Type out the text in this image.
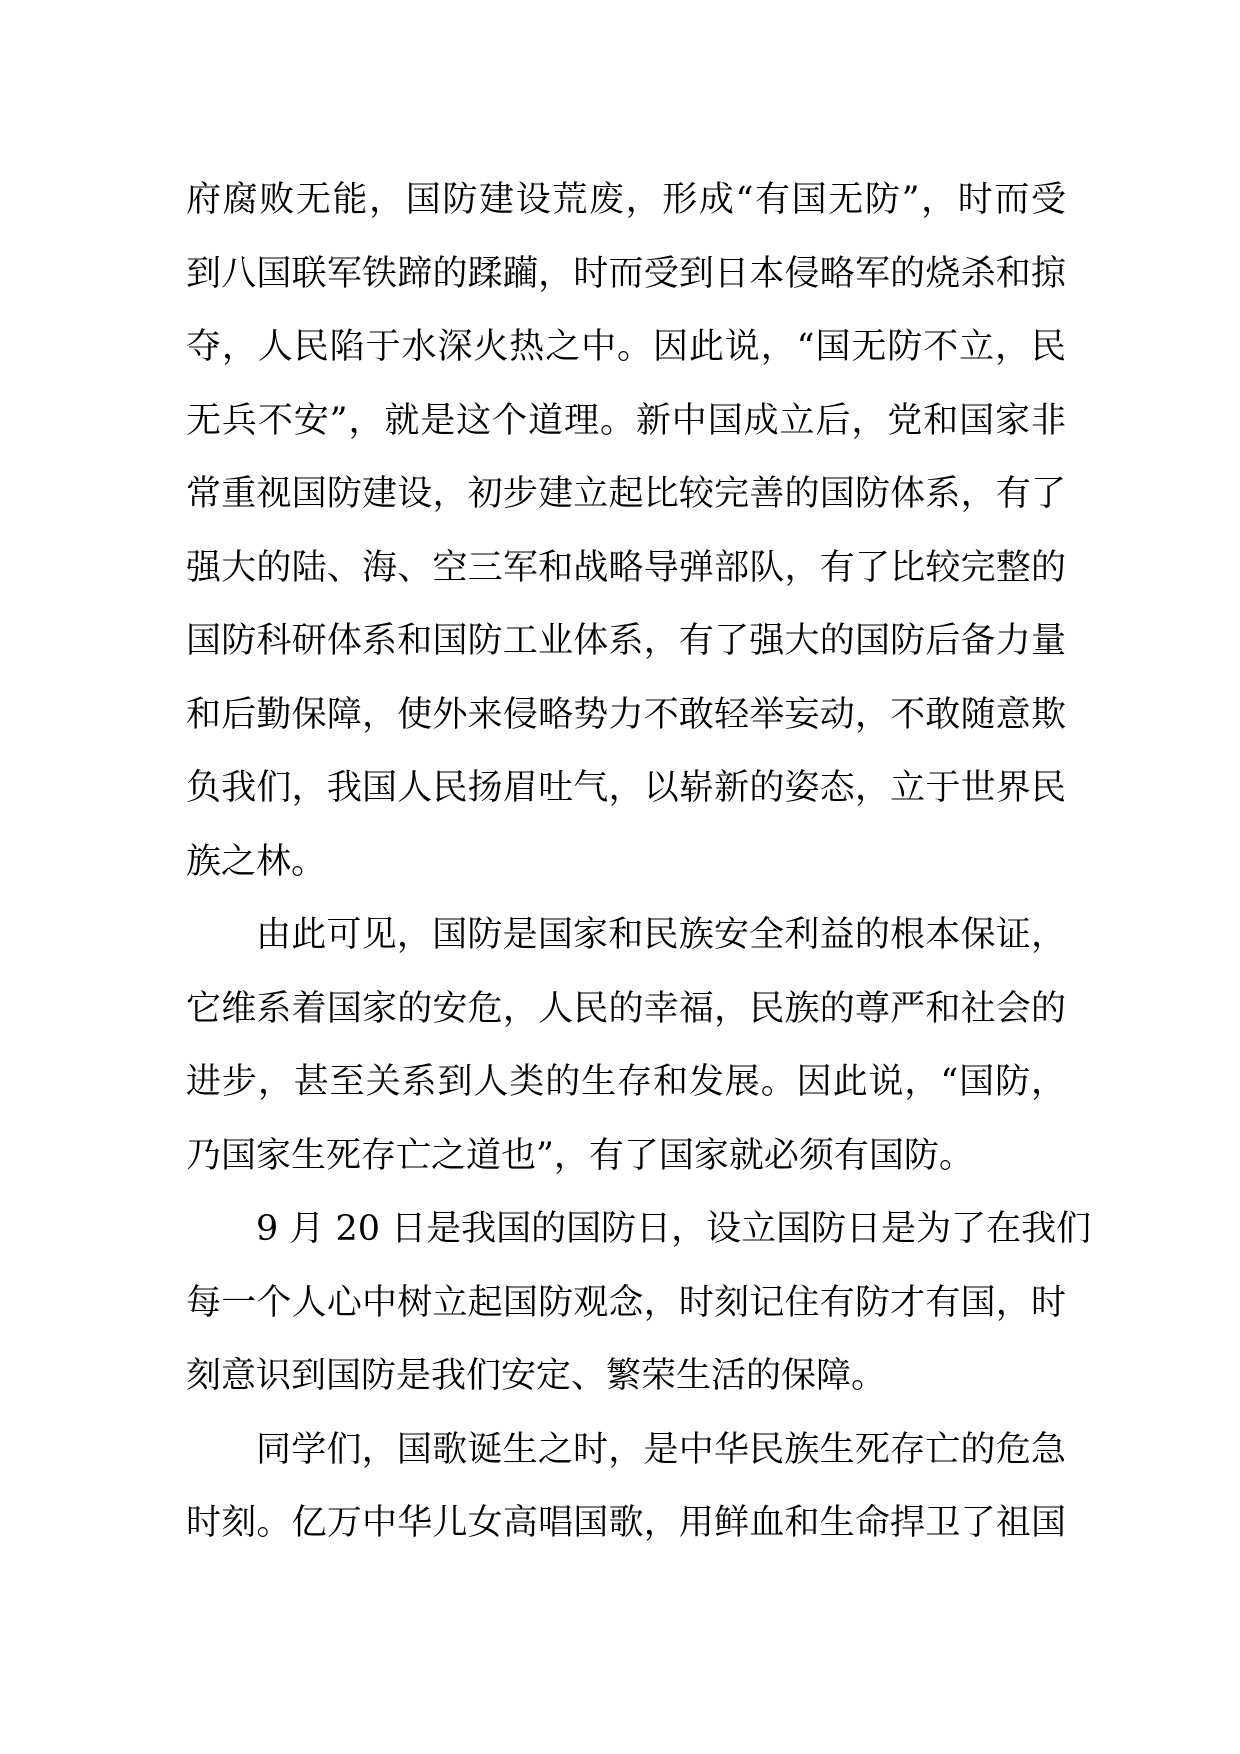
府腐败无能，国防建设荒废，形成“有国无防”，时而受
到八国联军铁蹄的蹂躏，时而受到日本侵略军的烧杀和掠
夺，人民陷于水深火热之中。因此说，“国无防不立，民
无兵不安”，就是这个道理。新中国成立后，党和国家非
常重视国防建设，初步建立起比较完善的国防体系，有了
强大的陆、海、空三军和战略导弹部队，有了比较完整的
国防科研体系和国防工业体系，有了强大的国防后备力量
和后勤保障，使外来侵略势力不敢轻举妄动，不敢随意欺
负我们，我国人民扬眉吐气，以崭新的姿态，立于世界民
族之林。
由此可见，国防是国家和民族安全利益的根本保证，
它维系着国家的安危，人民的幸福，民族的尊严和社会的
进步，甚至关系到人类的生存和发展。因此说，“国防，
乃国家生死存亡之道也”，有了国家就必须有国防。
9 月 20 日是我国的国防日，设立国防日是为了在我们
每一个人心中树立起国防观念，时刻记住有防才有国，时
刻意识到国防是我们安定、繁荣生活的保障。
同学们，国歌诞生之时，是中华民族生死存亡的危急
时刻。亿万中华儿女高唱国歌，用鲜血和生命捍卫了祖国
